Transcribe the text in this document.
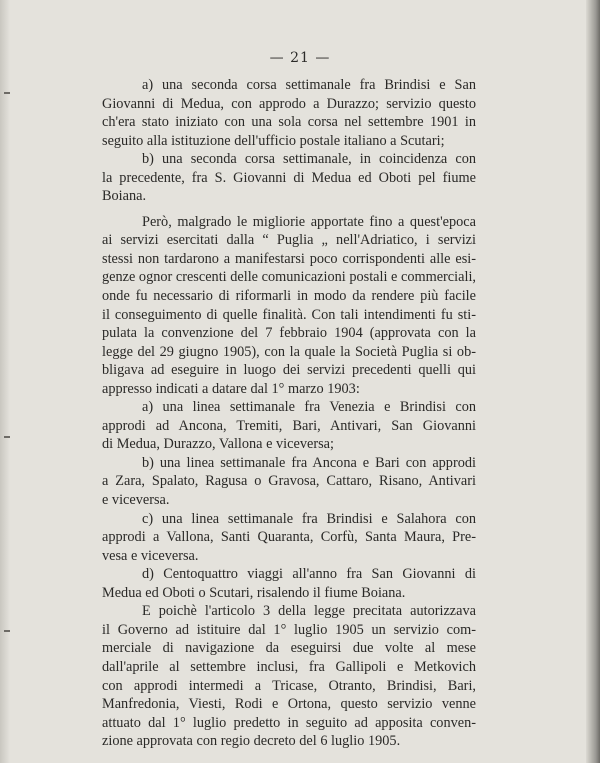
— 21 —
a) una seconda corsa settimanale fra Brindisi e San
Giovanni di Medua, con approdo a Durazzo; servizio questo
ch'era stato iniziato con una sola corsa nel settembre 1901 in
seguito alla istituzione dell'ufficio postale italiano a Scutari;
b) una seconda corsa settimanale, in coincidenza con
la precedente, fra S. Giovanni di Medua ed Oboti pel fiume
Boiana.
Però, malgrado le migliorie apportate fino a quest'epoca
ai servizi esercitati dalla “ Puglia „ nell'Adriatico, i servizi
stessi non tardarono a manifestarsi poco corrispondenti alle esi-
genze ognor crescenti delle comunicazioni postali e commerciali,
onde fu necessario di riformarli in modo da rendere più facile
il conseguimento di quelle finalità. Con tali intendimenti fu sti-
pulata la convenzione del 7 febbraio 1904 (approvata con la
legge del 29 giugno 1905), con la quale la Società Puglia si ob-
bligava ad eseguire in luogo dei servizi precedenti quelli qui
appresso indicati a datare dal 1° marzo 1903:
a) una linea settimanale fra Venezia e Brindisi con
approdi ad Ancona, Tremiti, Bari, Antivari, San Giovanni
di Medua, Durazzo, Vallona e viceversa;
b) una linea settimanale fra Ancona e Bari con approdi
a Zara, Spalato, Ragusa o Gravosa, Cattaro, Risano, Antivari
e viceversa.
c) una linea settimanale fra Brindisi e Salahora con
approdi a Vallona, Santi Quaranta, Corfù, Santa Maura, Pre-
vesa e viceversa.
d) Centoquattro viaggi all'anno fra San Giovanni di
Medua ed Oboti o Scutari, risalendo il fiume Boiana.
E poichè l'articolo 3 della legge precitata autorizzava
il Governo ad istituire dal 1° luglio 1905 un servizio com-
merciale di navigazione da eseguirsi due volte al mese
dall'aprile al settembre inclusi, fra Gallipoli e Metkovich
con approdi intermedi a Tricase, Otranto, Brindisi, Bari,
Manfredonia, Viesti, Rodi e Ortona, questo servizio venne
attuato dal 1° luglio predetto in seguito ad apposita conven-
zione approvata con regio decreto del 6 luglio 1905.
